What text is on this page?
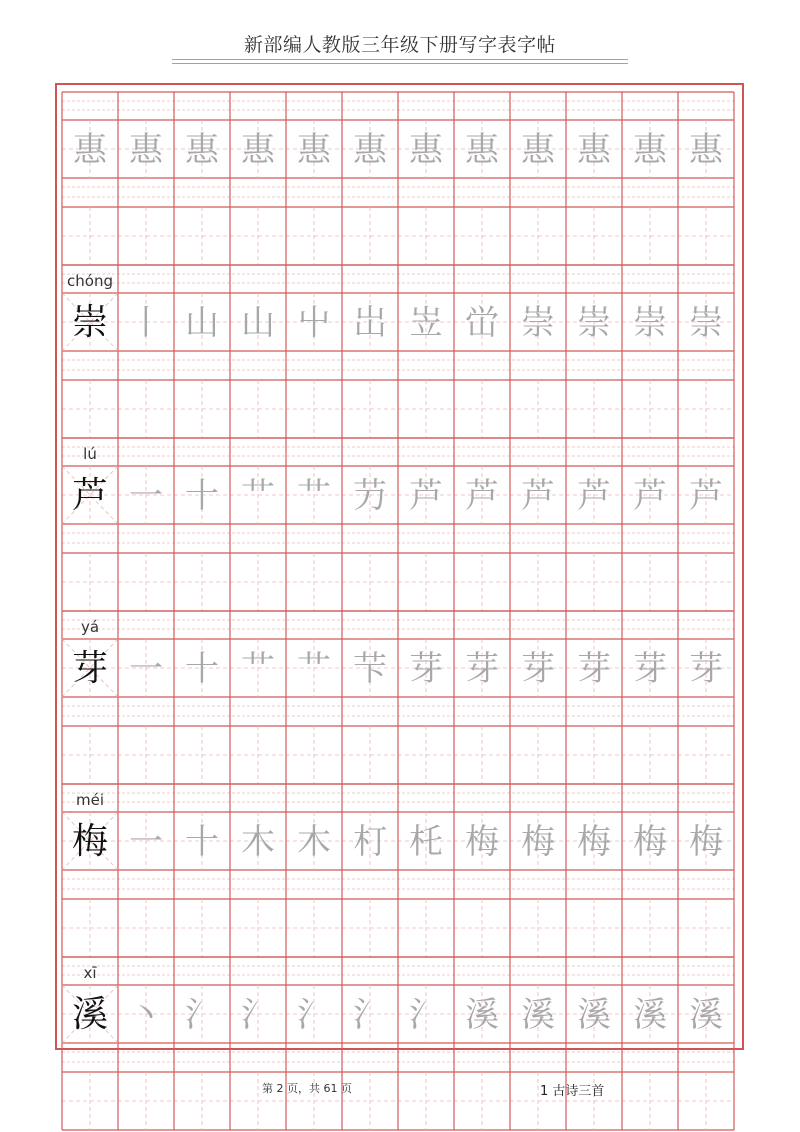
新部编人教版三年级下册写字表字帖
惠 惠 惠 惠 惠 惠 惠 惠 惠 惠 惠 惠
chóng
崇 丨 山 山 屮 岀 岦 峃 崇 崇 崇 崇
lú
芦 一 十 艹 艹 芀 芦 芦 芦 芦 芦 芦
yá
芽 一 十 艹 艹 芐 芽 芽 芽 芽 芽 芽
méi
梅 一 十 木 木 朾 杔 梅 梅 梅 梅 梅
xī
溪 丶 氵 氵 氵 氵 氵 溪 溪 溪 溪 溪
第 2 页，共 61 页	1 古诗三首
